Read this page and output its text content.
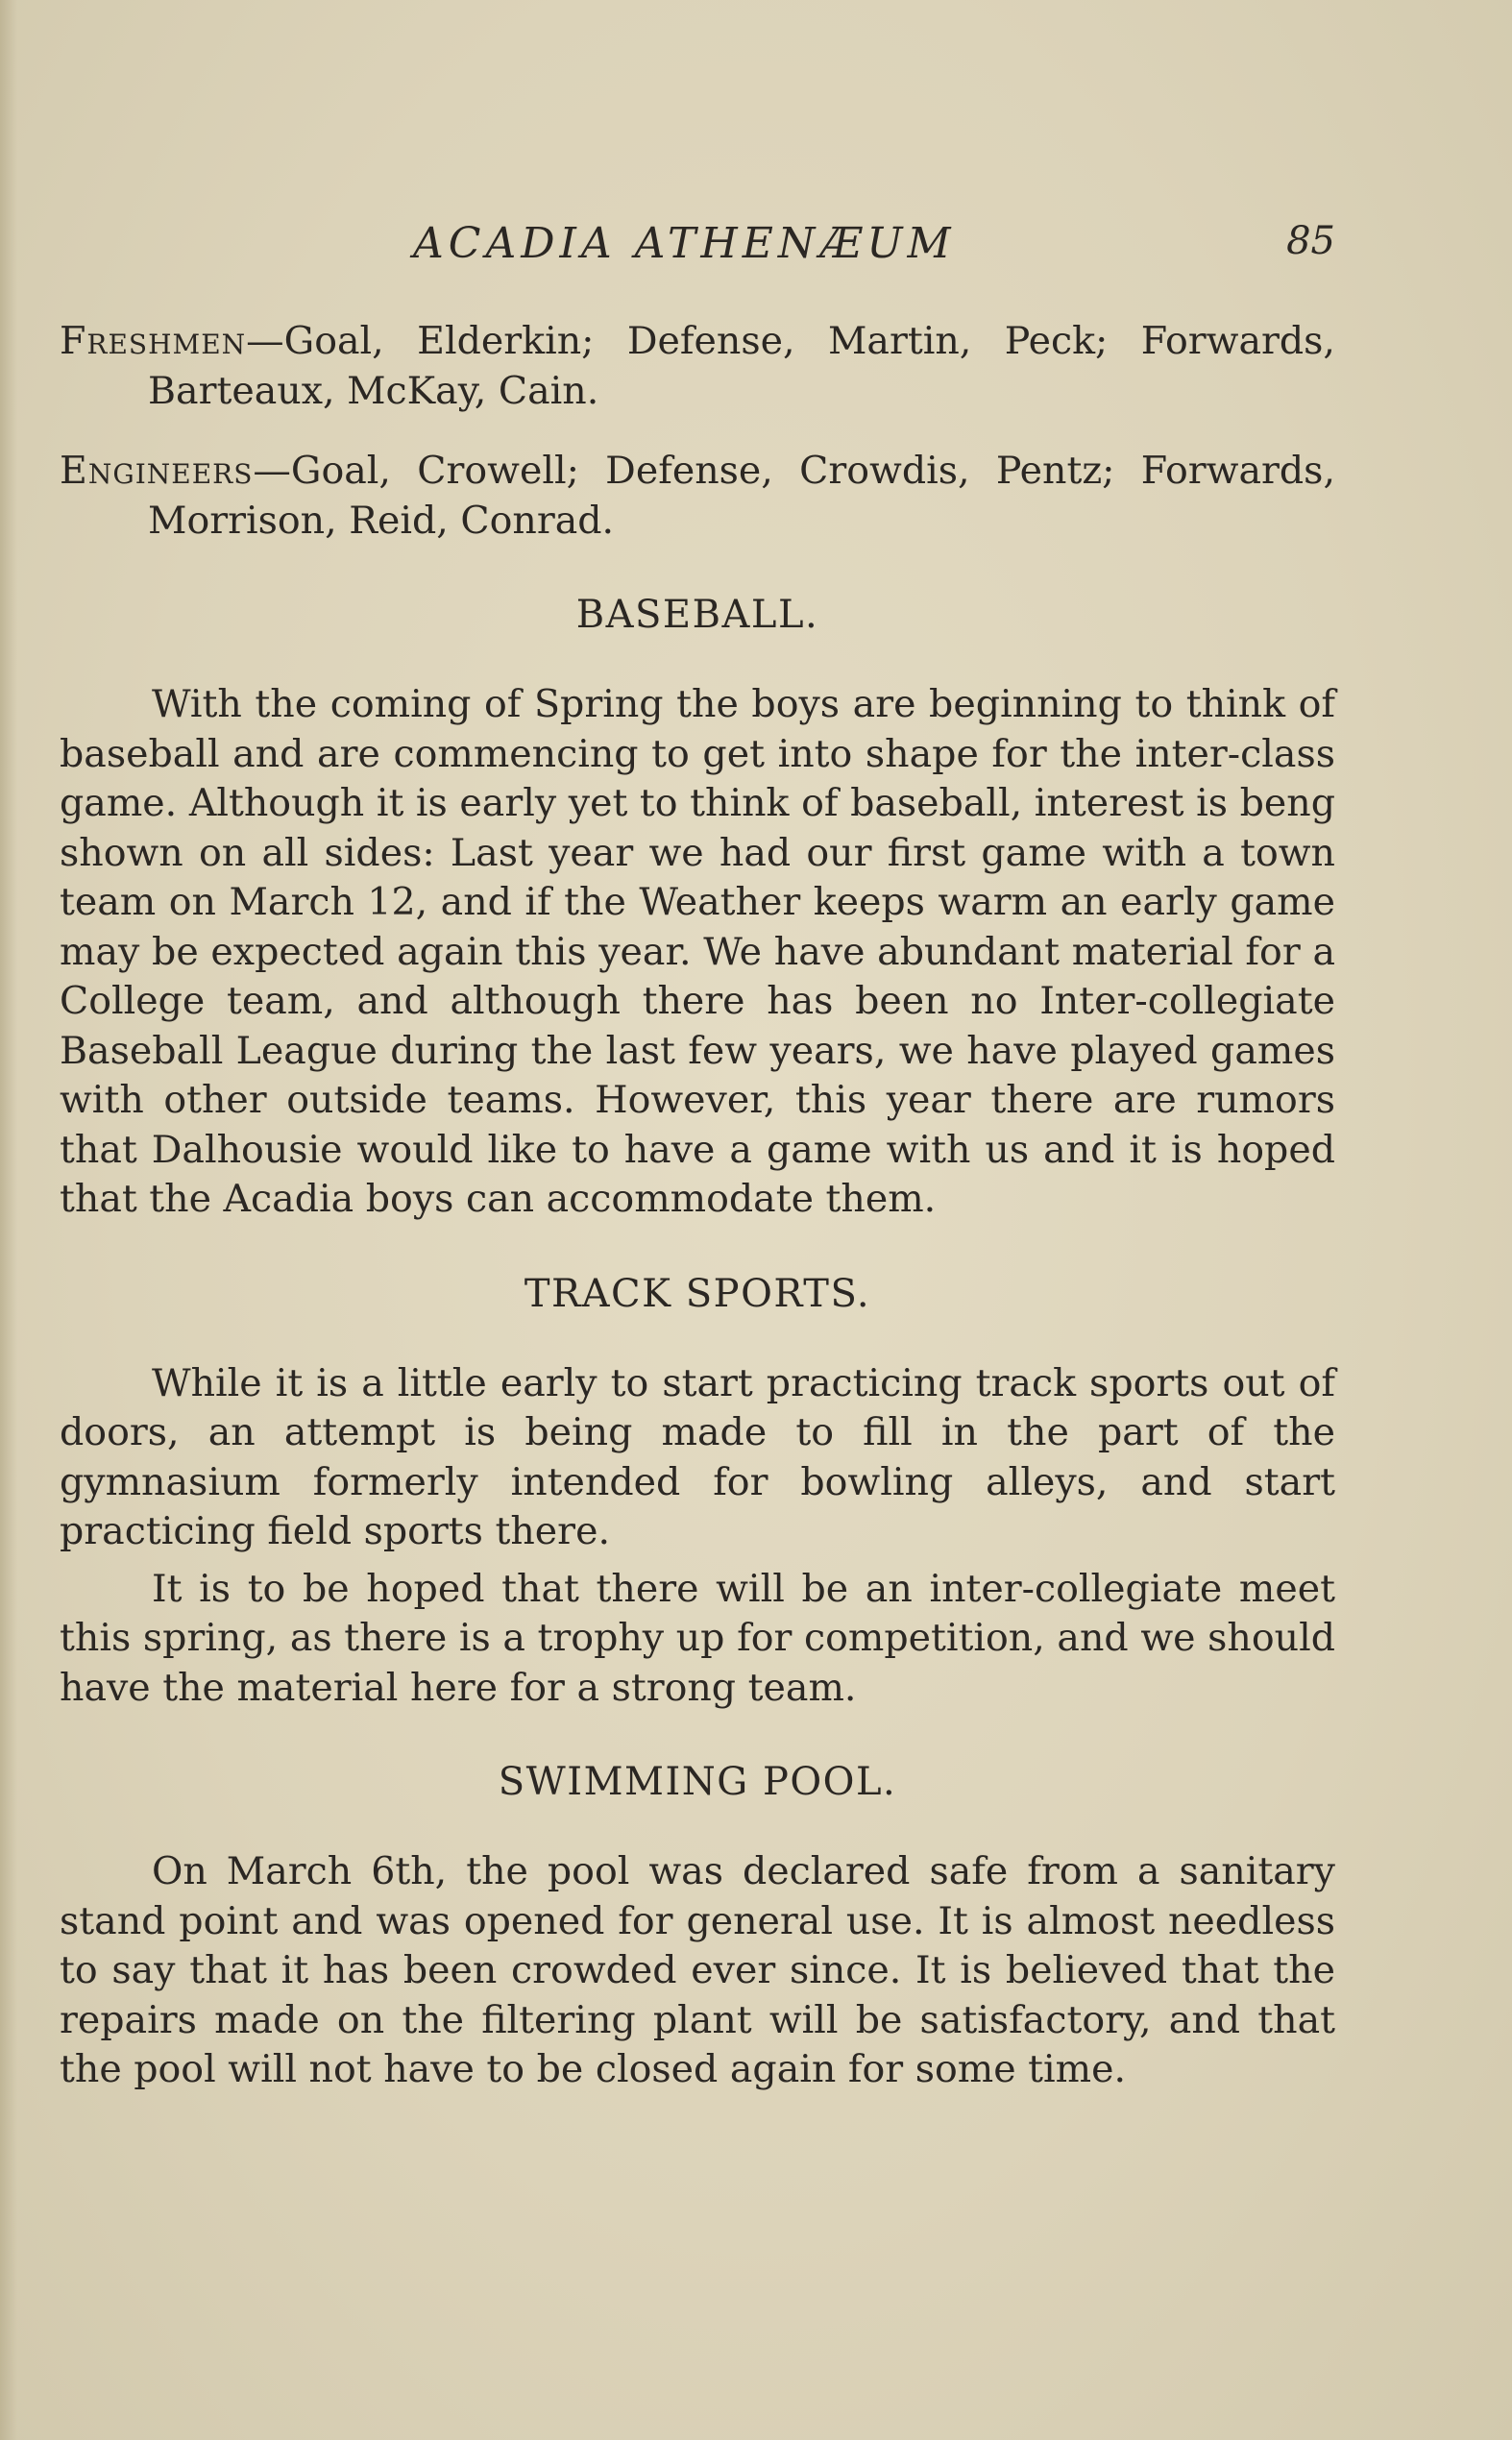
ACADIA ATHENÆUM	85

Freshmen—Goal, Elderkin; Defense, Martin, Peck; Forwards, Barteaux, McKay, Cain.

Engineers—Goal, Crowell; Defense, Crowdis, Pentz; Forwards, Morrison, Reid, Conrad.

BASEBALL.

With the coming of Spring the boys are beginning to think of baseball and are commencing to get into shape for the inter-class game. Although it is early yet to think of baseball, interest is beng shown on all sides: Last year we had our first game with a town team on March 12, and if the Weather keeps warm an early game may be expected again this year. We have abundant material for a College team, and although there has been no Inter-collegiate Baseball League during the last few years, we have played games with other outside teams. However, this year there are rumors that Dalhousie would like to have a game with us and it is hoped that the Acadia boys can accommodate them.

TRACK SPORTS.

While it is a little early to start practicing track sports out of doors, an attempt is being made to fill in the part of the gymnasium formerly intended for bowling alleys, and start practicing field sports there.

It is to be hoped that there will be an inter-collegiate meet this spring, as there is a trophy up for competition, and we should have the material here for a strong team.

SWIMMING POOL.

On March 6th, the pool was declared safe from a sanitary stand point and was opened for general use. It is almost needless to say that it has been crowded ever since. It is believed that the repairs made on the filtering plant will be satisfactory, and that the pool will not have to be closed again for some time.
